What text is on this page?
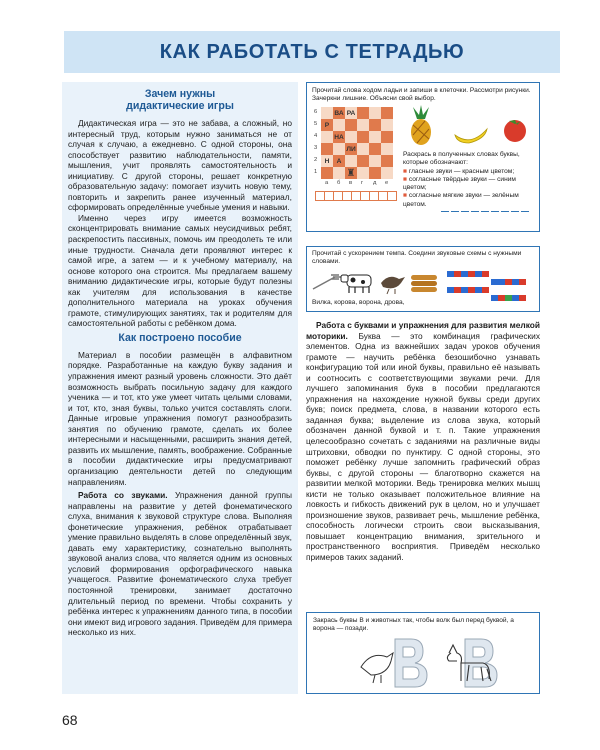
КАК РАБОТАТЬ С ТЕТРАДЬЮ
Зачем нужны
дидактические игры

Дидактическая игра — это не забава, а сложный, но интересный труд, которым нужно заниматься не от случая к случаю, а ежедневно. С одной стороны, она способствует развитию наблюдательности, памяти, мышления, учит проявлять самостоятельность и инициативу. С другой стороны, решает конкретную образовательную задачу: помогает изучить новую тему, повторить и закрепить ранее изученный материал, сформировать определённые учебные умения и навыки.

Именно через игру имеется возможность сконцентрировать внимание самых неусидчивых ребят, раскрепостить пассивных, помочь им преодолеть те или иные трудности. Сначала дети проявляют интерес к самой игре, а затем — и к учебному материалу, на основе которого она строится. Мы предлагаем вашему вниманию дидактические игры, которые будут полезны как учителям для использования в качестве дополнительного материала на уроках обучения грамоте, стимулирующих занятиях, так и родителям для самостоятельной работы с ребёнком дома.

Как построено пособие

Материал в пособии размещён в алфавитном порядке. Разработанные на каждую букву задания и упражнения имеют разный уровень сложности. Это даёт возможность выбрать посильную задачу для каждого ученика — и тот, кто уже умеет читать целыми словами, и тот, кто, зная буквы, только учится составлять слоги. Данные игровые упражнения помогут разнообразить занятия по обучению грамоте, сделать их более интересными и насыщенными, расширить знания детей, развить их мышление, память, воображение. Собранные в пособии дидактические игры предусматривают организацию деятельности детей по следующим направлениям.

Работа со звуками. Упражнения данной группы направлены на развитие у детей фонематического слуха, внимания к звуковой структуре слова. Выполняя фонетические упражнения, ребёнок отрабатывает умение правильно выделять в слове определённый звук, давать ему характеристику, сознательно выполнять звуковой анализ слова, что является одним из основных условий формирования орфографического навыка учащегося. Развитие фонематического слуха требует постоянной тренировки, занимает достаточно длительный период по времени. Чтобы сохранить у ребёнка интерес к упражнениям данного типа, в пособии они имеют вид игрового задания. Приведём для примера несколько из них.

Прочитай слова ходом ладьи и запиши в клеточки. Рассмотри рисунки. Зачеркни лишние. Объясни свой выбор.

ВА РА
Р
НА
ЛИ
Н	А
♜
6
5
4
3
2
1
а б в г д е

Раскрась в полученных словах буквы, которые обозначают:

■ гласные звуки — красным цветом;

■ согласные твёрдые звуки — синим цветом;

■ согласные мягкие звуки — зелёным цветом.

Прочитай с ускорением темпа. Соедини звуковые схемы с нужными словами.

Вилка, корова, ворона, дрова,

Работа с буквами и упражнения для развития мелкой моторики. Буква — это комбинация графических элементов. Одна из важнейших задач уроков обучения грамоте — научить ребёнка безошибочно узнавать конфигурацию той или иной буквы, правильно её называть и соотносить с соответствующими звуками речи. Для лучшего запоминания букв в пособии предлагаются упражнения на нахождение нужной буквы среди других букв; поиск предмета, слова, в названии которого есть заданная буква; выделение из слова звука, который обозначен данной буквой и т. п. Такие упражнения целесообразно сочетать с заданиями на различные виды штриховки, обводки по пунктиру. С одной стороны, это поможет ребёнку лучше запомнить графический образ буквы, с другой стороны — благотворно скажется на развитии мелкой моторики. Ведь тренировка мелких мышц кисти не только оказывает положительное влияние на ловкость и гибкость движений рук в целом, но и улучшает произношение звуков, развивает речь, мышление ребёнка, способность логически строить свои высказывания, повышает концентрацию внимания, зрительного и пространственного восприятия. Приведём несколько примеров таких заданий.

Закрась буквы В и животных так, чтобы волк был перед буквой, а ворона — позади.

68
